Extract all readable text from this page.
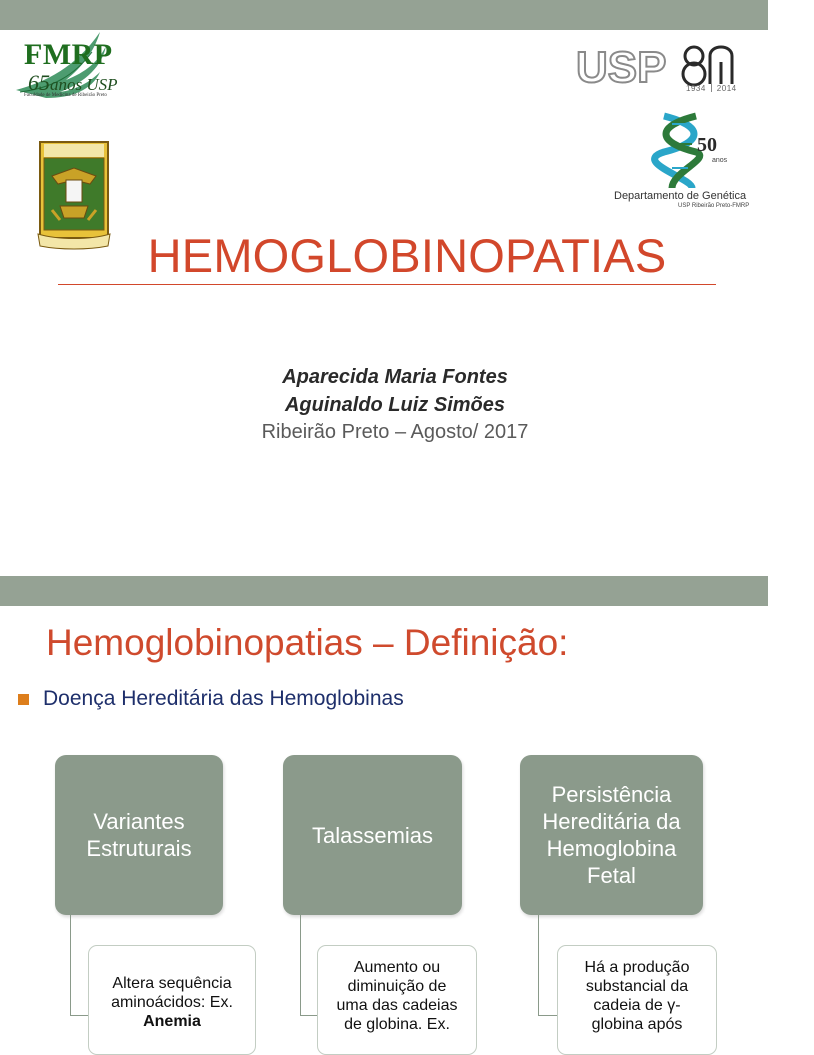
FMRP
65anos USP
Faculdade de Medicina de Ribeirão Preto
USP 1934 2014
50
anos
Departamento de Genética
USP Ribeirão Preto-FMRP
HEMOGLOBINOPATIAS
Aparecida Maria Fontes
Aguinaldo Luiz Simões
Ribeirão Preto – Agosto/ 2017
Hemoglobinopatias – Definição:
Doença Hereditária das Hemoglobinas
Variantes
Estruturais
Talassemias
Persistência
Hereditária da
Hemoglobina
Fetal
Altera sequência
aminoácidos: Ex.
Anemia
Aumento ou
diminuição de
uma das cadeias
de globina. Ex.
Há a produção
substancial da
cadeia de γ-
globina após
